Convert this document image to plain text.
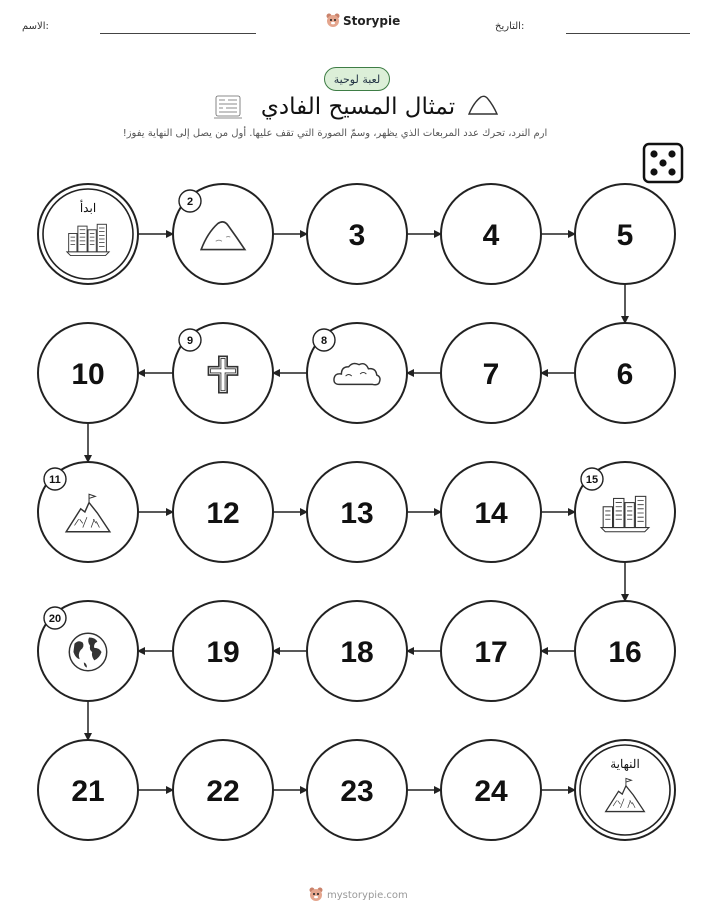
الاسم:	التاريخ:
Storypie
لعبة لوحية
تمثال المسيح الفادي
ارم النرد، تحرك عدد المربعات الذي يظهر، وسمّ الصورة التي تقف عليها. أول من يصل إلى النهاية يفوز!
ابدأ	2
3	4	5
6
7
8
9
10
11
12	13	14
15
16
17
18
19
20
21	22	23	24
النهاية
mystorypie.com
